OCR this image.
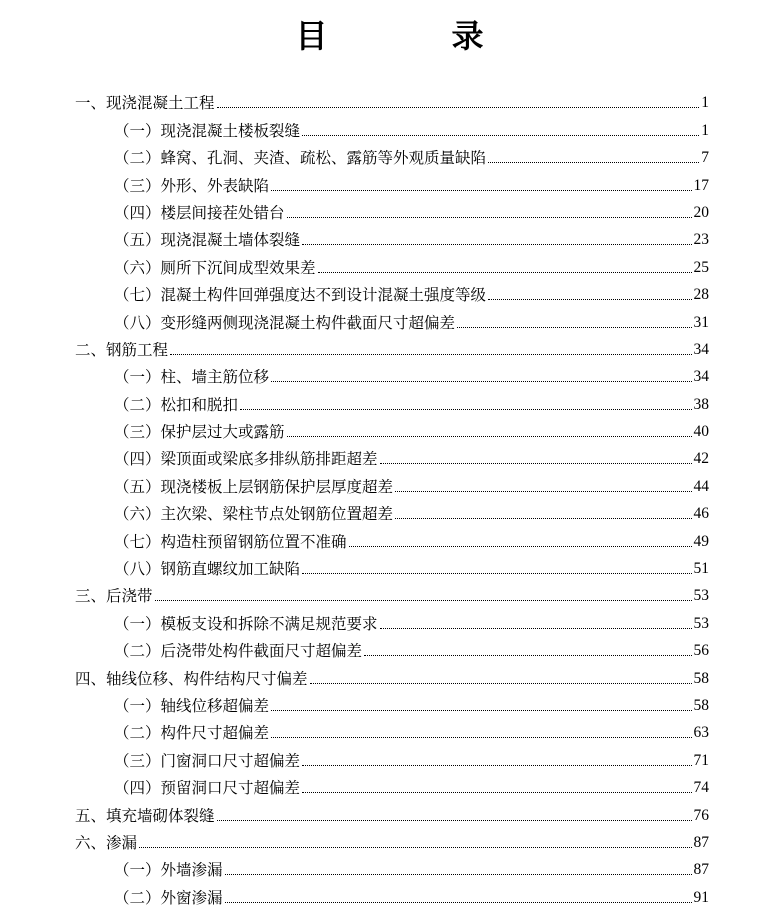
目　录
一、现浇混凝土工程	1
（一）现浇混凝土楼板裂缝	1
（二）蜂窝、孔洞、夹渣、疏松、露筋等外观质量缺陷	7
（三）外形、外表缺陷	17
（四）楼层间接茬处错台	20
（五）现浇混凝土墙体裂缝	23
（六）厕所下沉间成型效果差	25
（七）混凝土构件回弹强度达不到设计混凝土强度等级	28
（八）变形缝两侧现浇混凝土构件截面尺寸超偏差	31
二、钢筋工程	34
（一）柱、墙主筋位移	34
（二）松扣和脱扣	38
（三）保护层过大或露筋	40
（四）梁顶面或梁底多排纵筋排距超差	42
（五）现浇楼板上层钢筋保护层厚度超差	44
（六）主次梁、梁柱节点处钢筋位置超差	46
（七）构造柱预留钢筋位置不准确	49
（八）钢筋直螺纹加工缺陷	51
三、后浇带	53
（一）模板支设和拆除不满足规范要求	53
（二）后浇带处构件截面尺寸超偏差	56
四、轴线位移、构件结构尺寸偏差	58
（一）轴线位移超偏差	58
（二）构件尺寸超偏差	63
（三）门窗洞口尺寸超偏差	71
（四）预留洞口尺寸超偏差	74
五、填充墙砌体裂缝	76
六、渗漏	87
（一）外墙渗漏	87
（二）外窗渗漏	91
